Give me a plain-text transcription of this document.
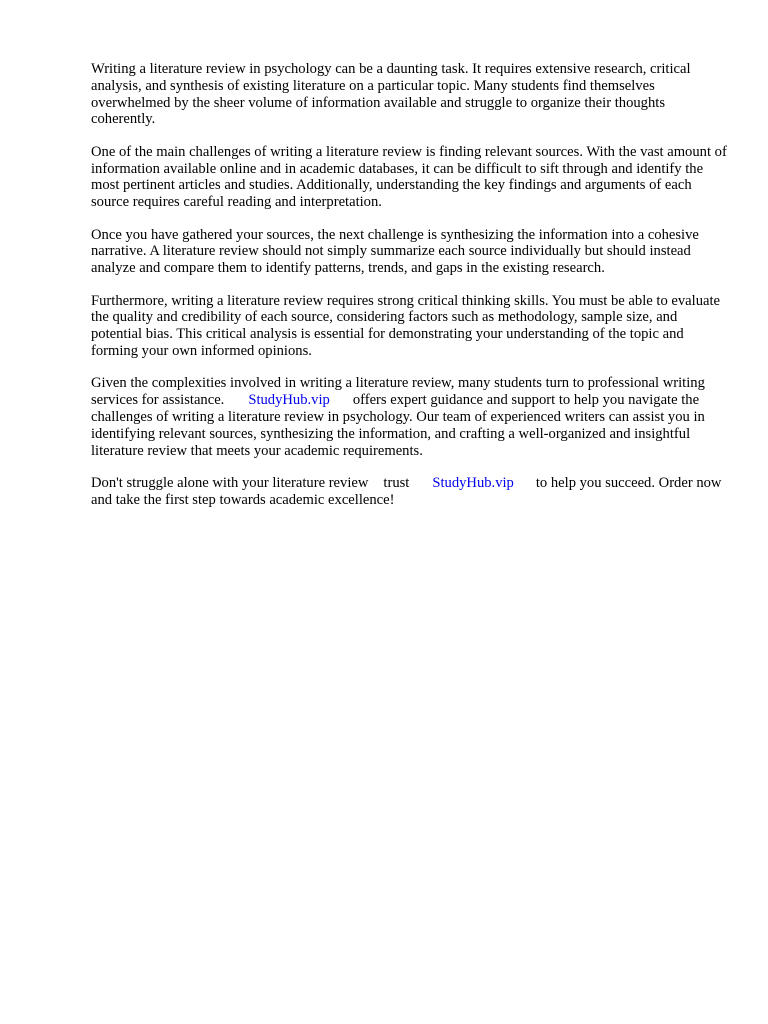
Writing a literature review in psychology can be a daunting task. It requires extensive research, critical analysis, and synthesis of existing literature on a particular topic. Many students find themselves overwhelmed by the sheer volume of information available and struggle to organize their thoughts coherently.

One of the main challenges of writing a literature review is finding relevant sources. With the vast amount of information available online and in academic databases, it can be difficult to sift through and identify the most pertinent articles and studies. Additionally, understanding the key findings and arguments of each source requires careful reading and interpretation.

Once you have gathered your sources, the next challenge is synthesizing the information into a cohesive narrative. A literature review should not simply summarize each source individually but should instead analyze and compare them to identify patterns, trends, and gaps in the existing research.

Furthermore, writing a literature review requires strong critical thinking skills. You must be able to evaluate the quality and credibility of each source, considering factors such as methodology, sample size, and potential bias. This critical analysis is essential for demonstrating your understanding of the topic and forming your own informed opinions.

Given the complexities involved in writing a literature review, many students turn to professional writing services for assistance. StudyHub.vip offers expert guidance and support to help you navigate the challenges of writing a literature review in psychology. Our team of experienced writers can assist you in identifying relevant sources, synthesizing the information, and crafting a well-organized and insightful literature review that meets your academic requirements.

Don't struggle alone with your literature review trust StudyHub.vip to help you succeed. Order now and take the first step towards academic excellence!
